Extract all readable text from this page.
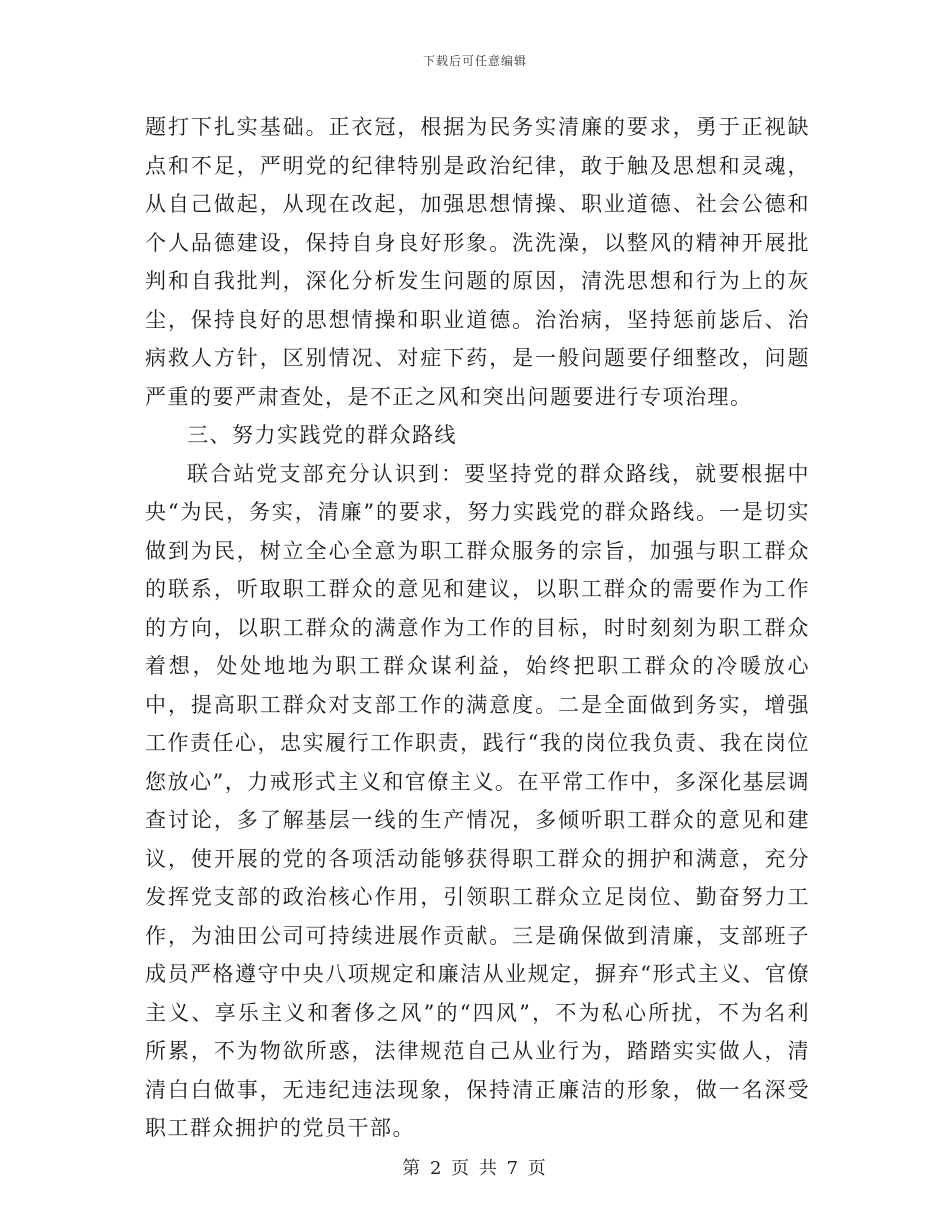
下载后可任意编辑

题打下扎实基础。正衣冠，根据为民务实清廉的要求，勇于正视缺点和不足，严明党的纪律特别是政治纪律，敢于触及思想和灵魂，从自己做起，从现在改起，加强思想情操、职业道德、社会公德和个人品德建设，保持自身良好形象。洗洗澡，以整风的精神开展批判和自我批判，深化分析发生问题的原因，清洗思想和行为上的灰尘，保持良好的思想情操和职业道德。治治病，坚持惩前毖后、治病救人方针，区别情况、对症下药，是一般问题要仔细整改，问题严重的要严肃查处，是不正之风和突出问题要进行专项治理。

三、努力实践党的群众路线

联合站党支部充分认识到：要坚持党的群众路线，就要根据中央“为民，务实，清廉”的要求，努力实践党的群众路线。一是切实做到为民，树立全心全意为职工群众服务的宗旨，加强与职工群众的联系，听取职工群众的意见和建议，以职工群众的需要作为工作的方向，以职工群众的满意作为工作的目标，时时刻刻为职工群众着想，处处地地为职工群众谋利益，始终把职工群众的冷暖放心中，提高职工群众对支部工作的满意度。二是全面做到务实，增强工作责任心，忠实履行工作职责，践行“我的岗位我负责、我在岗位您放心”，力戒形式主义和官僚主义。在平常工作中，多深化基层调查讨论，多了解基层一线的生产情况，多倾听职工群众的意见和建议，使开展的党的各项活动能够获得职工群众的拥护和满意，充分发挥党支部的政治核心作用，引领职工群众立足岗位、勤奋努力工作，为油田公司可持续进展作贡献。三是确保做到清廉，支部班子成员严格遵守中央八项规定和廉洁从业规定，摒弃“形式主义、官僚主义、享乐主义和奢侈之风”的“四风”，不为私心所扰，不为名利所累，不为物欲所惑，法律规范自己从业行为，踏踏实实做人，清清白白做事，无违纪违法现象，保持清正廉洁的形象，做一名深受职工群众拥护的党员干部。

第 2 页 共 7 页
